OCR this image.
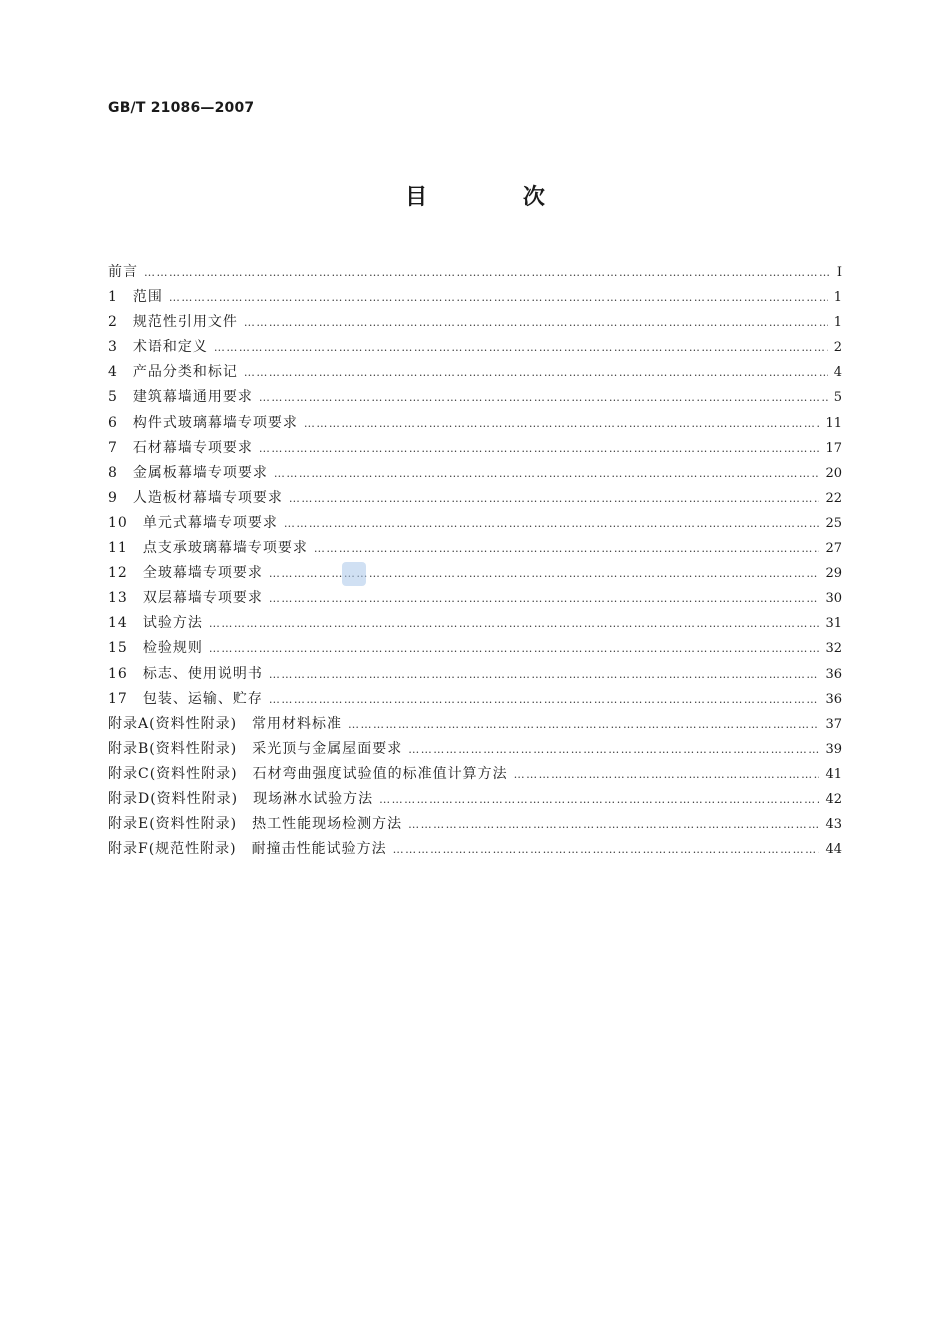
GB/T 21086—2007
目 次
前言 …………………………………………………………………………………………………………………………………………………………………………………	Ⅰ
1　范围 …………………………………………………………………………………………………………………………………………………………………………………	1
2　规范性引用文件 …………………………………………………………………………………………………………………………………………………………………………………	1
3　术语和定义 …………………………………………………………………………………………………………………………………………………………………………………	2
4　产品分类和标记 …………………………………………………………………………………………………………………………………………………………………………………	4
5　建筑幕墙通用要求 …………………………………………………………………………………………………………………………………………………………………………………	5
6　构件式玻璃幕墙专项要求 …………………………………………………………………………………………………………………………………………………………………………………	11
7　石材幕墙专项要求 …………………………………………………………………………………………………………………………………………………………………………………	17
8　金属板幕墙专项要求 …………………………………………………………………………………………………………………………………………………………………………………	20
9　人造板材幕墙专项要求 …………………………………………………………………………………………………………………………………………………………………………………	22
10　单元式幕墙专项要求 …………………………………………………………………………………………………………………………………………………………………………………	25
11　点支承玻璃幕墙专项要求 …………………………………………………………………………………………………………………………………………………………………………………	27
12　全玻幕墙专项要求 …………………………………………………………………………………………………………………………………………………………………………………	29
13　双层幕墙专项要求 …………………………………………………………………………………………………………………………………………………………………………………	30
14　试验方法 …………………………………………………………………………………………………………………………………………………………………………………	31
15　检验规则 …………………………………………………………………………………………………………………………………………………………………………………	32
16　标志、使用说明书 …………………………………………………………………………………………………………………………………………………………………………………	36
17　包装、运输、贮存 …………………………………………………………………………………………………………………………………………………………………………………	36
附录A(资料性附录)　常用材料标准 …………………………………………………………………………………………………………………………………………………………………………………	37
附录B(资料性附录)　采光顶与金属屋面要求 …………………………………………………………………………………………………………………………………………………………………………………	39
附录C(资料性附录)　石材弯曲强度试验值的标准值计算方法 …………………………………………………………………………………………………………………………………………………………………………………	41
附录D(资料性附录)　现场淋水试验方法 …………………………………………………………………………………………………………………………………………………………………………………	42
附录E(资料性附录)　热工性能现场检测方法 …………………………………………………………………………………………………………………………………………………………………………………	43
附录F(规范性附录)　耐撞击性能试验方法 …………………………………………………………………………………………………………………………………………………………………………………	44
